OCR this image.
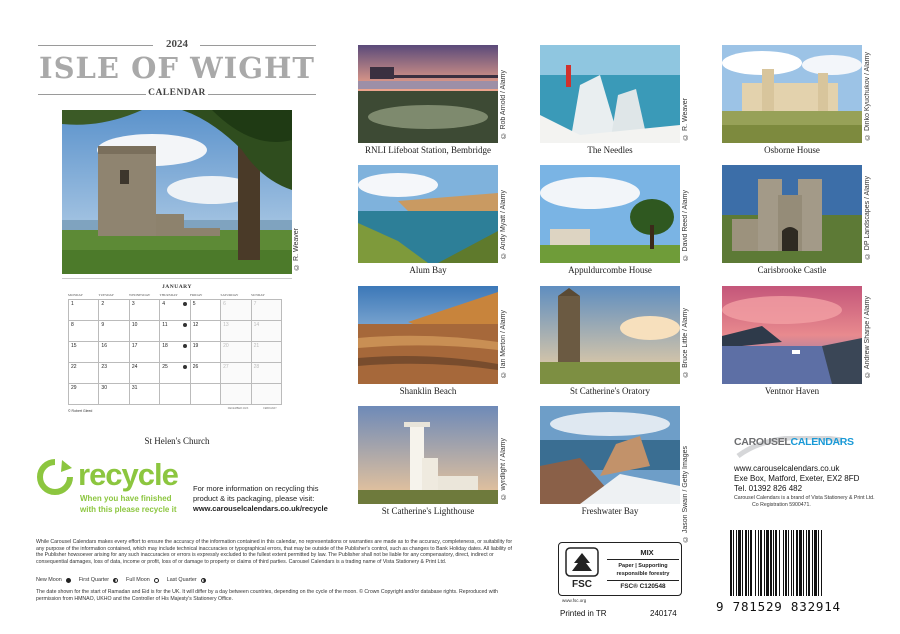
2024
ISLE OF WIGHT
CALENDAR
© R. Weaver
JANUARY
MONDAY	TUESDAY	WEDNESDAY	THURSDAY	FRIDAY	SATURDAY	SUNDAY
1	2	3	4	5	6	7
8	9	10	11	12	13	14
15	16	17	18	19	20	21
22	23	24	25	26	27	28
29	30	31
© Robert Gleed
DECEMBER 2023	FEBRUARY
St Helen's Church
© Rob Arnold / Alamy
RNLI Lifeboat Station, Bembridge
© R. Weaver
The Needles
© Dinko Kyuchukov / Alamy
Osborne House
© Andy Myatt / Alamy
Alum Bay
© David Reed / Alamy
Appuldurcombe House
© DP Landscapes / Alamy
Carisbrooke Castle
© Ian Merton / Alamy
Shanklin Beach
© Bruce Little / Alamy
St Catherine's Oratory
© Andrew Sharpe / Alamy
Ventnor Haven
© wyrdlight / Alamy
St Catherine's Lighthouse	© Jason Swain / Getty Images
Freshwater Bay
recycle
When you have finished
with this please recycle it
For more information on recycling this
product & its packaging, please visit:
www.carouselcalendars.co.uk/recycle
While Carousel Calendars makes every effort to ensure the accuracy of the information contained in this calendar, no representations or warranties are made as to the accuracy, completeness, or suitability for any purpose of the information contained, which may include technical inaccuracies or typographical errors, that may be outside of the Publisher's control, such as changes to Bank Holiday dates. All liability of the Publisher howsoever arising for any such inaccuracies or errors is expressly excluded to the fullest extent permitted by law. The Publisher shall not be liable for any compensatory, direct, indirect or consequential damages, loss of data, income or profit, loss of or damage to property or claims of third parties. Carousel Calendars is a trading name of Vista Stationery & Print Ltd.
New Moon	First Quarter	Full Moon	Last Quarter
The date shown for the start of Ramadan and Eid is for the UK. It will differ by a day between countries, depending on the cycle of the moon. © Crown Copyright and/or database rights. Reproduced with permission from HMNAO, UKHO and the Controller of His Majesty's Stationery Office.
CAROUSELCALENDARS
www.carouselcalendars.co.uk
Exe Box, Matford, Exeter, EX2 8FD
Tel. 01392 826 482
Carousel Calendars is a brand of Vista Stationery & Print Ltd.
Co Registration 5900471.
FSC
MIX
Paper | Supporting
responsible forestry
FSC® C120548
www.fsc.org
Printed in TR	240174	9 781529 832914
